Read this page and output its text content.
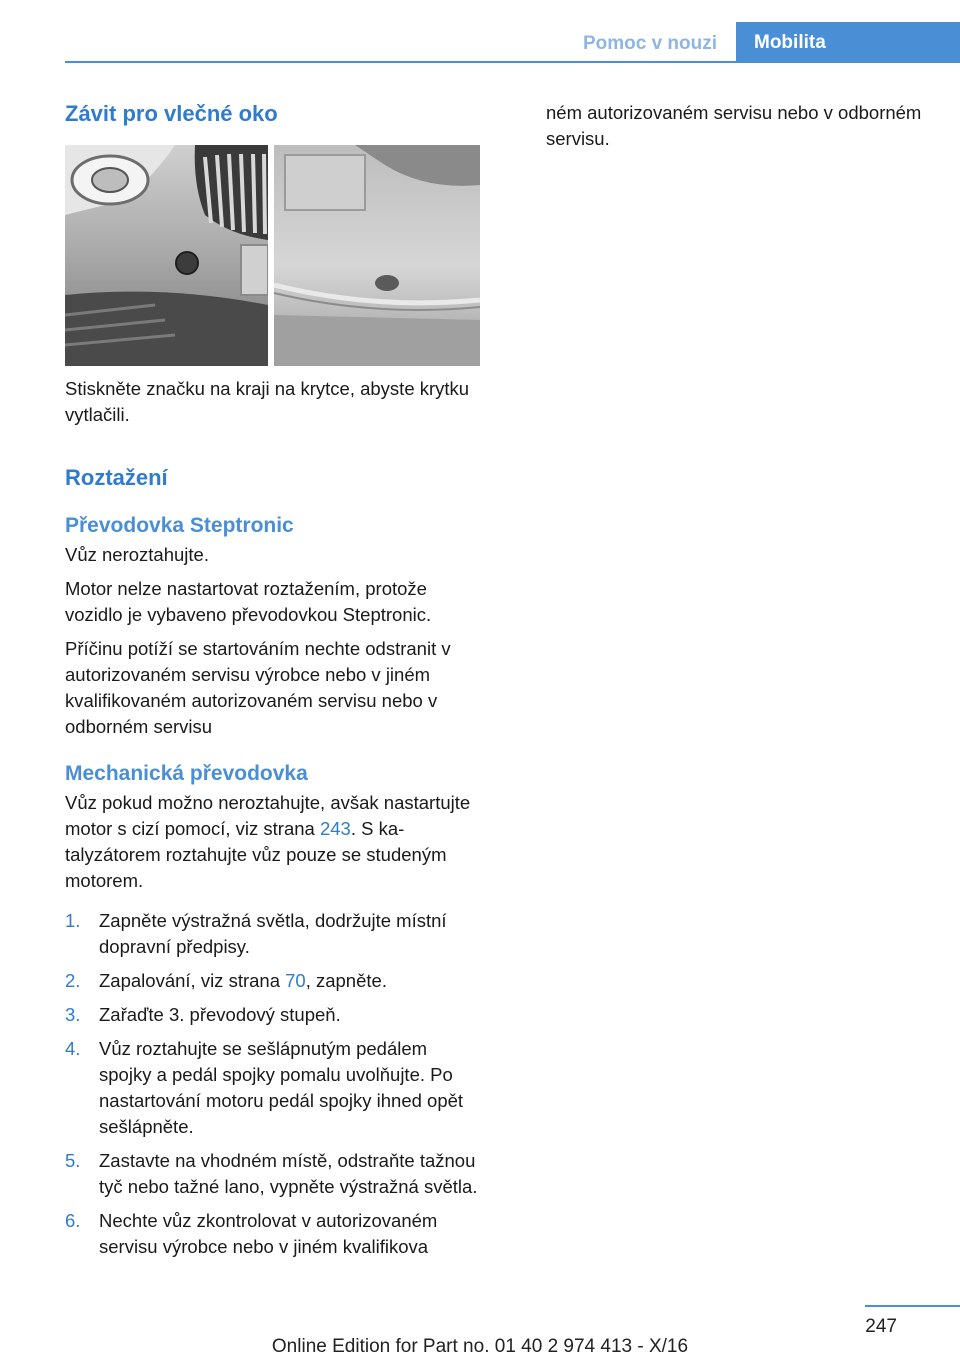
Pomoc v nouzi	Mobilita
Závit pro vlečné oko

Stiskněte značku na kraji na krytce, abyste krytku vytlačili.

Roztažení
Převodovka Steptronic

Vůz neroztahujte.

Motor nelze nastartovat roztažením, protože vozidlo je vybaveno převodovkou Steptronic.

Příčinu potíží se startováním nechte odstranit v autorizovaném servisu výrobce nebo v jiném kvalifikovaném autorizovaném servisu nebo v odborném servisu

Mechanická převodovka

Vůz pokud možno neroztahujte, avšak nastartujte motor s cizí pomocí, viz strana 243. S katalyzátorem roztahujte vůz pouze se studeným motorem.

1. Zapněte výstražná světla, dodržujte místní dopravní předpisy.
2. Zapalování, viz strana 70, zapněte.
3. Zařaďte 3. převodový stupeň.
4. Vůz roztahujte se sešlápnutým pedálem spojky a pedál spojky pomalu uvolňujte. Po nastartování motoru pedál spojky ihned opět sešlápněte.
5. Zastavte na vhodném místě, odstraňte tažnou tyč nebo tažné lano, vypněte výstražná světla.
6. Nechte vůz zkontrolovat v autorizovaném servisu výrobce nebo v jiném kvalifikova

ném autorizovaném servisu nebo v odborném servisu.

247
Online Edition for Part no. 01 40 2 974 413 - X/16
